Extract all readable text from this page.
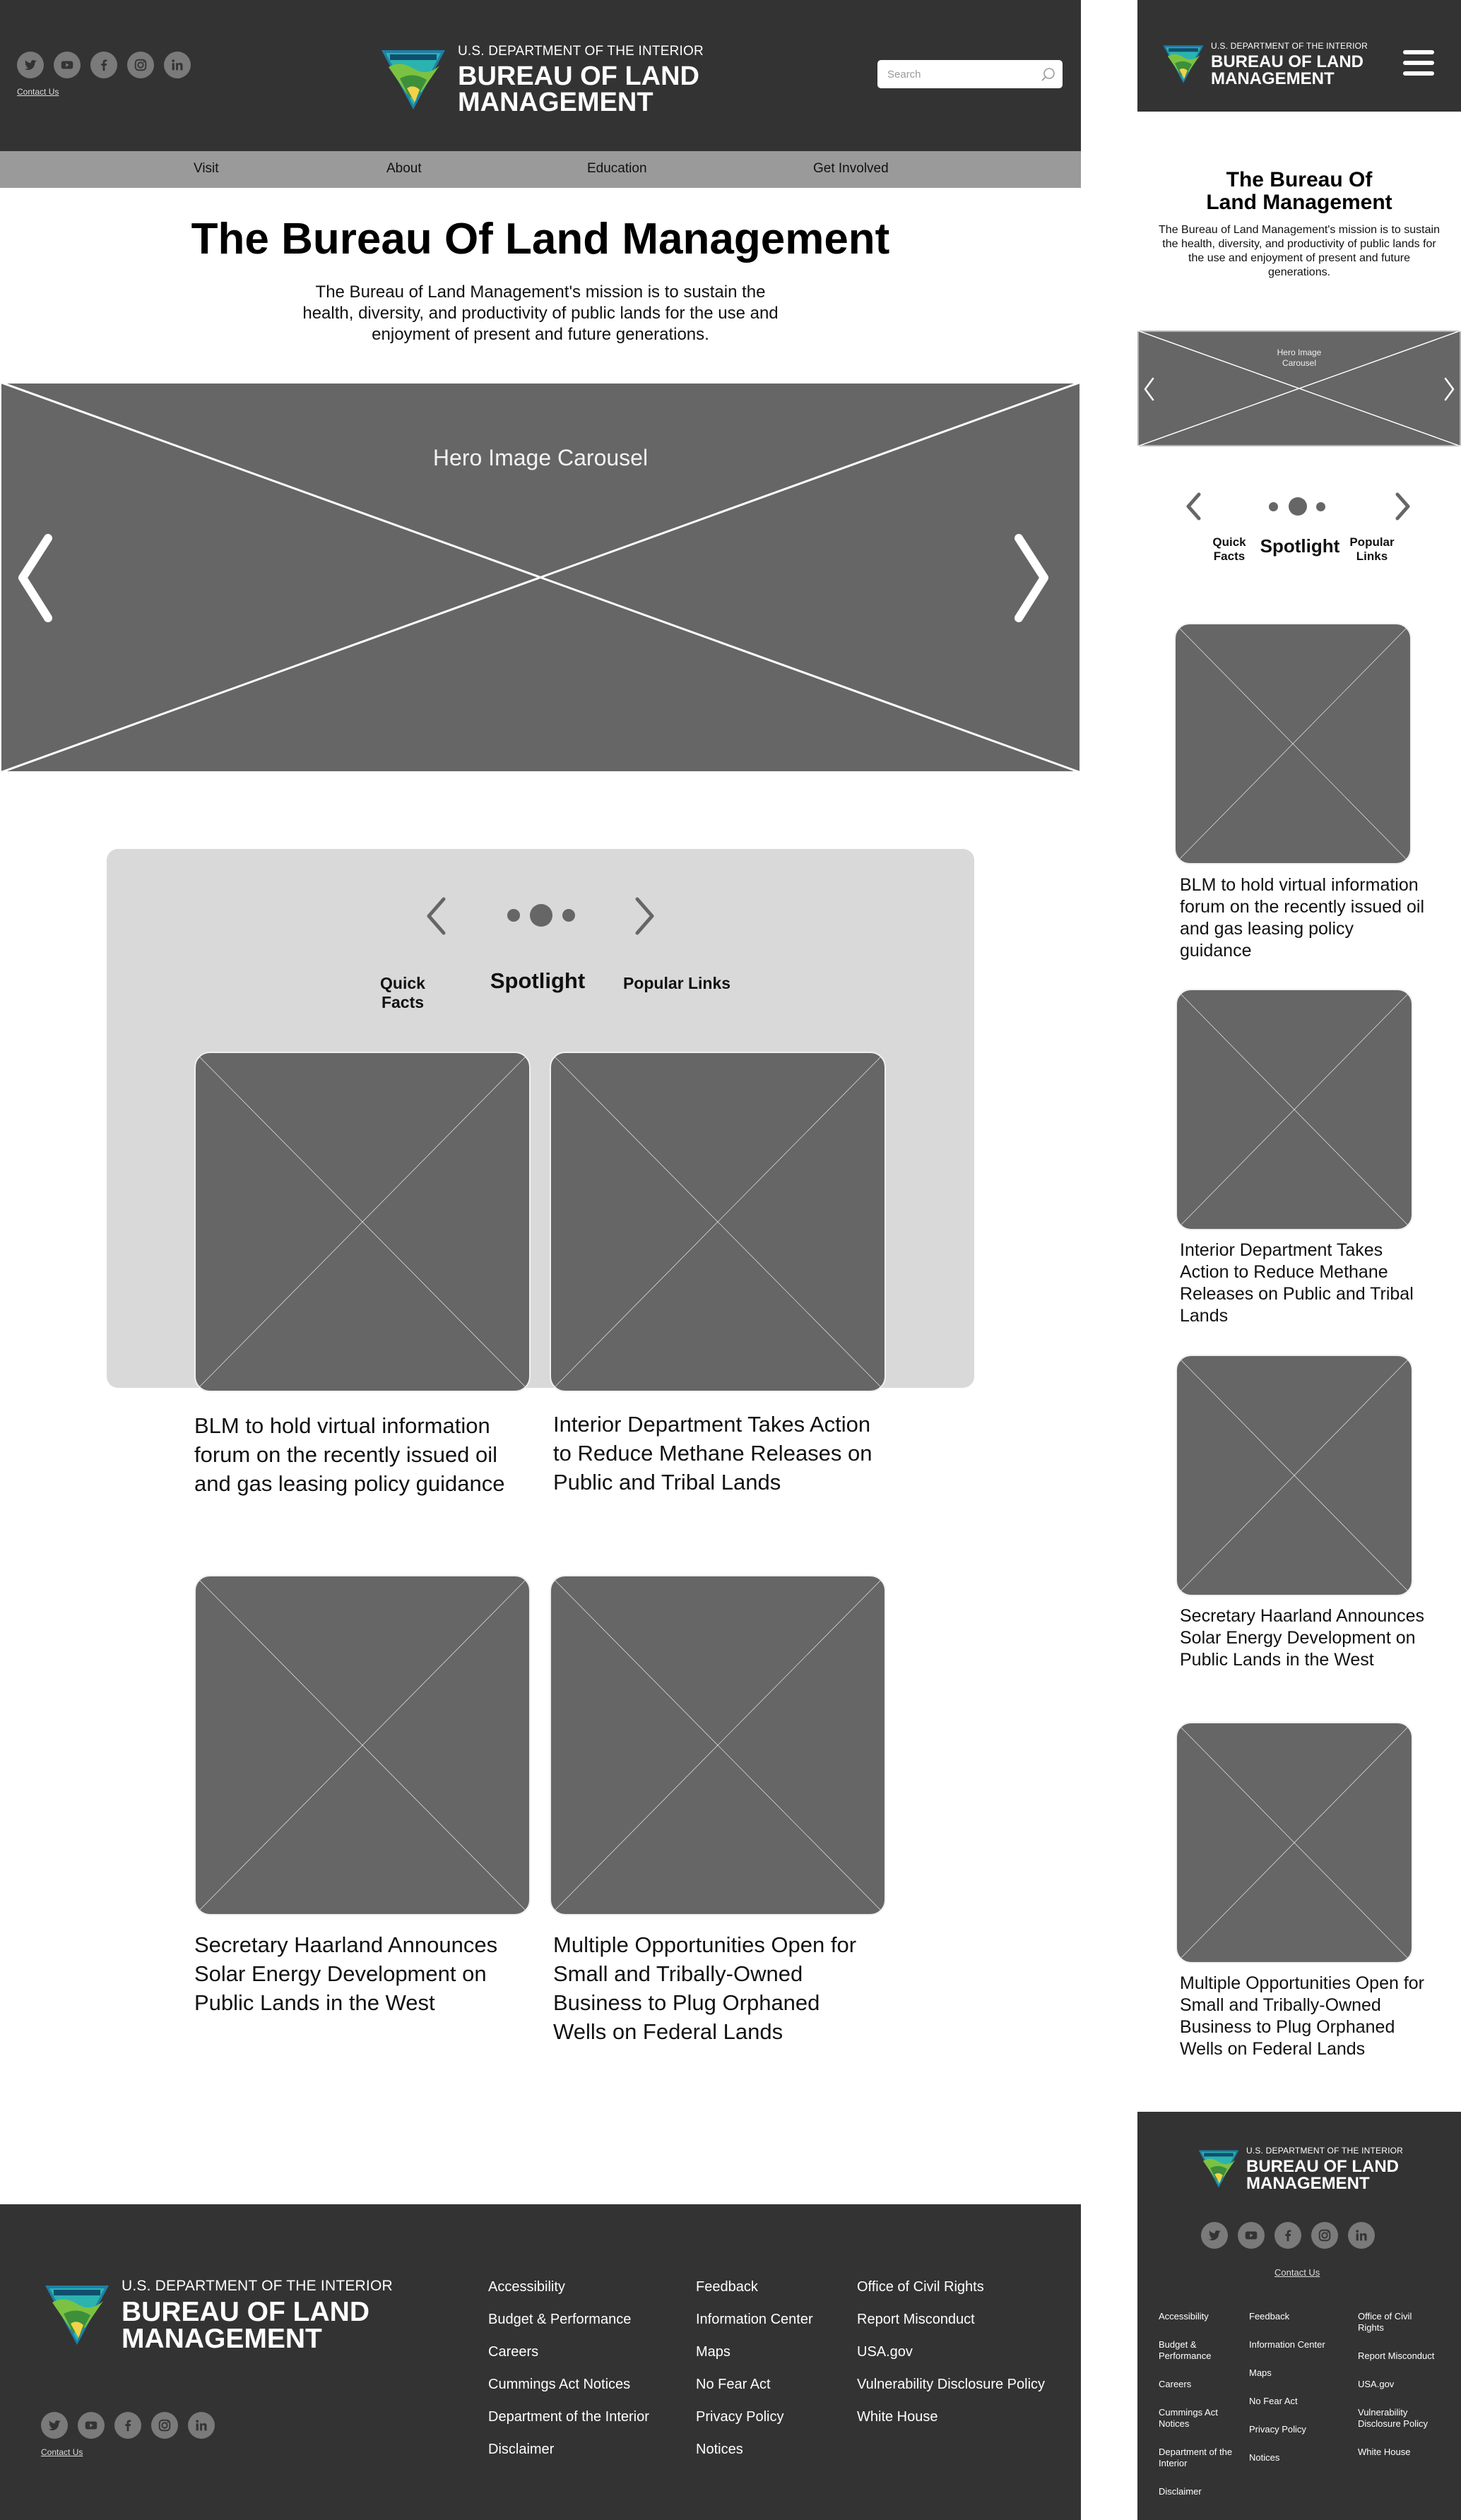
Contact Us
U.S. DEPARTMENT OF THE INTERIOR
BUREAU OF LAND
MANAGEMENT
Search
Visit	About	Education	Get Involved
The Bureau Of Land Management
The Bureau of Land Management's mission is to sustain the health, diversity, and productivity of public lands for the use and enjoyment of present and future generations.
Hero Image Carousel
Quick Facts
Spotlight	Popular Links
BLM to hold virtual information forum on the recently issued oil and gas leasing policy guidance
Interior Department Takes Action to Reduce Methane Releases on Public and Tribal Lands
Secretary Haarland Announces Solar Energy Development on Public Lands in the West
Multiple Opportunities Open for Small and Tribally-Owned Business to Plug Orphaned Wells on Federal Lands
U.S. DEPARTMENT OF THE INTERIOR
BUREAU OF LAND
MANAGEMENT
Contact Us
Accessibility
Budget & Performance
Careers
Cummings Act Notices
Department of the Interior
Disclaimer
Feedback
Information Center
Maps
No Fear Act
Privacy Policy
Notices
Office of Civil Rights
Report Misconduct
USA.gov
Vulnerability Disclosure Policy
White House
U.S. DEPARTMENT OF THE INTERIOR
BUREAU OF LAND
MANAGEMENT
The Bureau Of
Land Management
The Bureau of Land Management's mission is to sustain the health, diversity, and productivity of public lands for the use and enjoyment of present and future generations.
Hero Image
Carousel
Quick
Facts Spotlight Popular
Links
BLM to hold virtual information forum on the recently issued oil and gas leasing policy guidance
Interior Department Takes Action to Reduce Methane Releases on Public and Tribal Lands
Secretary Haarland Announces Solar Energy Development on Public Lands in the West
Multiple Opportunities Open for Small and Tribally-Owned Business to Plug Orphaned Wells on Federal Lands
U.S. DEPARTMENT OF THE INTERIOR
BUREAU OF LAND
MANAGEMENT
Contact Us
Accessibility
Budget & Performance
Careers
Cummings Act Notices
Department of the Interior
Disclaimer
Feedback
Information Center
Maps
No Fear Act
Privacy Policy
Notices
Office of Civil Rights
Report Misconduct
USA.gov
Vulnerability Disclosure Policy
White House
